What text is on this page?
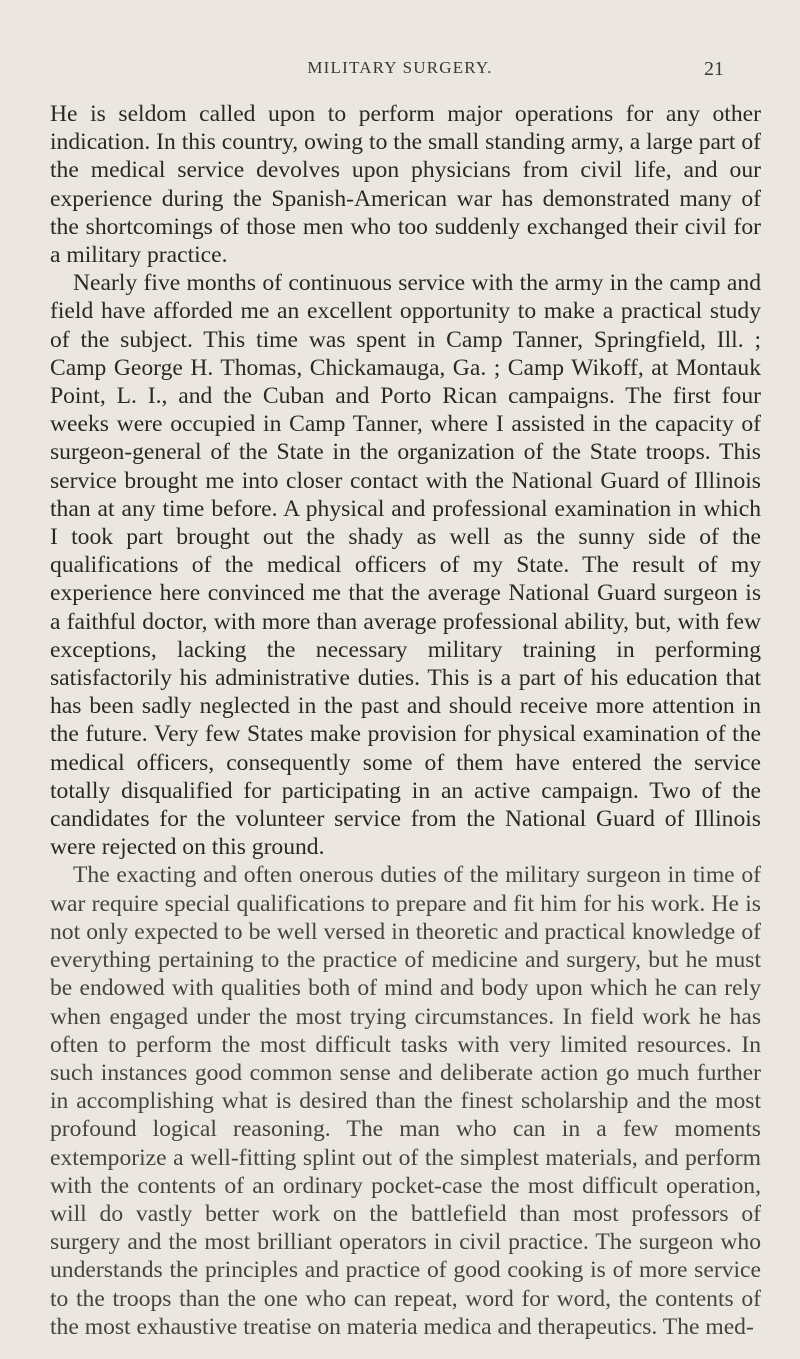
MILITARY SURGERY.	21

He is seldom called upon to perform major operations for any other indication. In this country, owing to the small standing army, a large part of the medical service devolves upon physicians from civil life, and our experience during the Spanish-American war has demonstrated many of the shortcomings of those men who too suddenly exchanged their civil for a military practice.

Nearly five months of continuous service with the army in the camp and field have afforded me an excellent opportunity to make a practical study of the subject. This time was spent in Camp Tanner, Springfield, Ill. ; Camp George H. Thomas, Chickamauga, Ga. ; Camp Wikoff, at Montauk Point, L. I., and the Cuban and Porto Rican campaigns. The first four weeks were occupied in Camp Tanner, where I assisted in the capacity of surgeon-general of the State in the organization of the State troops. This service brought me into closer contact with the National Guard of Illinois than at any time before. A physical and professional examination in which I took part brought out the shady as well as the sunny side of the qualifications of the medical officers of my State. The result of my experience here convinced me that the average National Guard surgeon is a faithful doctor, with more than average professional ability, but, with few exceptions, lacking the necessary military training in performing satisfactorily his administrative duties. This is a part of his education that has been sadly neglected in the past and should receive more attention in the future. Very few States make provision for physical examination of the medical officers, consequently some of them have entered the service totally disqualified for participating in an active campaign. Two of the candidates for the volunteer service from the National Guard of Illinois were rejected on this ground.

The exacting and often onerous duties of the military surgeon in time of war require special qualifications to prepare and fit him for his work. He is not only expected to be well versed in theoretic and practical knowledge of everything pertaining to the practice of medicine and surgery, but he must be endowed with qualities both of mind and body upon which he can rely when engaged under the most trying circumstances. In field work he has often to perform the most difficult tasks with very limited resources. In such instances good common sense and deliberate action go much further in accomplishing what is desired than the finest scholarship and the most profound logical reasoning. The man who can in a few moments extemporize a well-fitting splint out of the simplest materials, and perform with the contents of an ordinary pocket-case the most difficult operation, will do vastly better work on the battlefield than most professors of surgery and the most brilliant operators in civil practice. The surgeon who understands the principles and practice of good cooking is of more service to the troops than the one who can repeat, word for word, the contents of the most exhaustive treatise on materia medica and therapeutics. The med-
